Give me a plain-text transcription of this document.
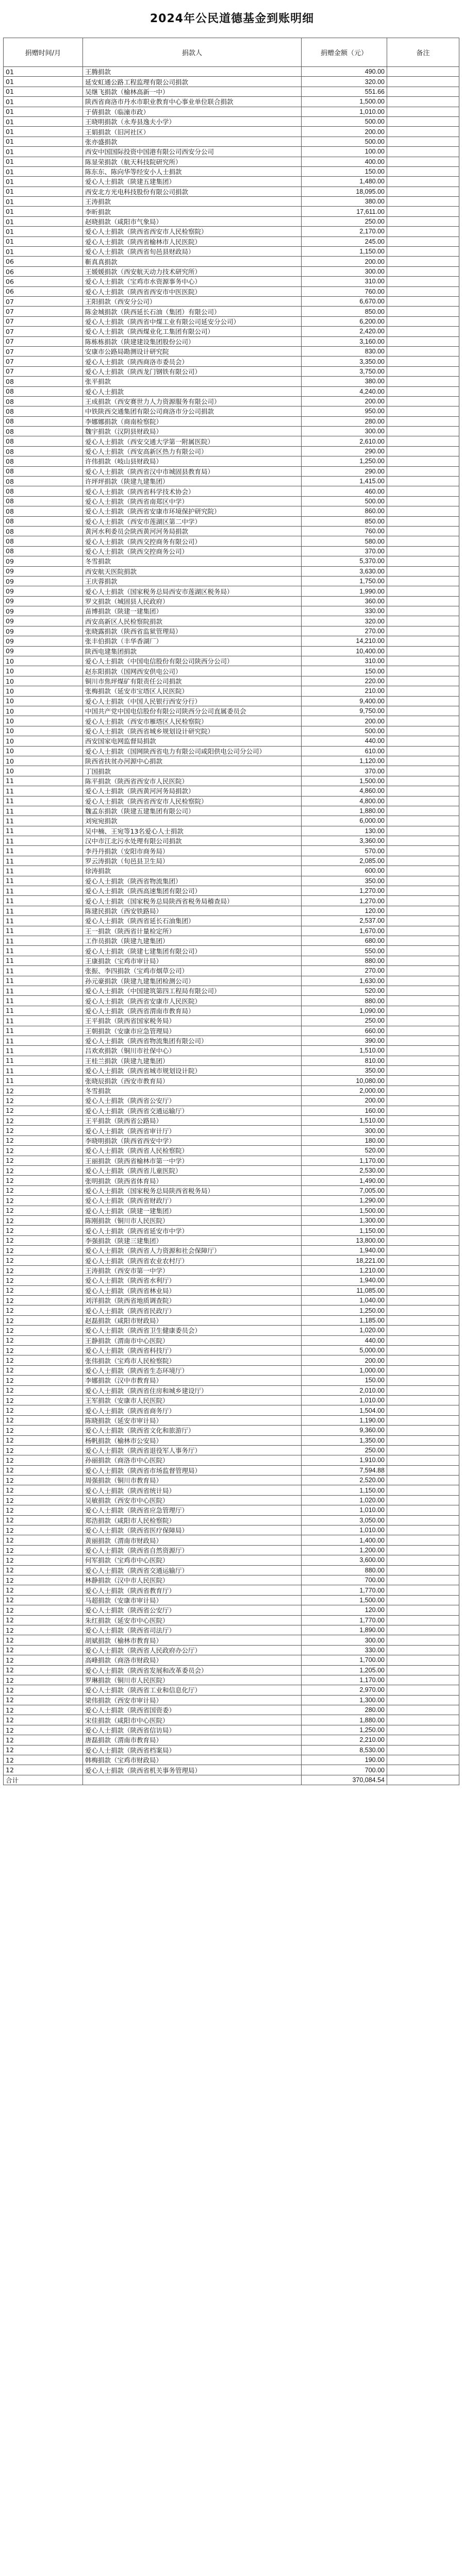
2024年公民道德基金到账明细
捐赠时间/月	捐款人	捐赠金额（元）	备注
01	王腾捐款	490.00	
01	延安虹通公路工程监理有限公司捐款	320.00	
01	吴继飞捐款（榆林高新一中）	551.66	
01	陕西省商洛市丹水市职业教育中心事业单位联合捐款	1,500.00	
01	于倩捐款（临潼市政）	1,010.00	
01	王晓明捐款（永寿县逸夫小学）	500.00	
01	王娟捐款（旧河社区）	200.00	
01	张亦盛捐款	500.00	
01	西安中国国际投资中国港有限公司西安分公司	100.00	
01	陈显荣捐款（航天科技院研究所）	400.00	
01	陈东东、陈向华等经安小人士捐款	150.00	
01	爱心人士捐款（陕建五建集团）	1,480.00	
01	西安北方光电科技股份有限公司捐款	18,095.00	
01	王涛捐款	380.00	
01	李昕捐款	17,611.00	
01	赵晓捐款（咸阳市气象局）	250.00	
01	爱心人士捐款（陕西省西安市人民检察院）	2,170.00	
01	爱心人士捐款（陕西省榆林市人民医院）	245.00	
01	爱心人士捐款（陕西省旬邑县财政局）	1,150.00	
06	靳真真捐款	200.00	
06	王媛媛捐款（西安航天动力技术研究所）	300.00	
06	爱心人士捐款（宝鸡市水资源事务中心）	310.00	
06	爱心人士捐款（陕西省西安市中医医院）	760.00	
07	王阳捐款（西安分公司）	6,670.00	
07	陈金城捐款（陕西延长石油（集团）有限公司）	850.00	
07	爱心人士捐款（陕西省中煤工业有限公司延安分公司）	6,200.00	
07	爱心人士捐款（陕西煤业化工集团有限公司）	2,420.00	
07	陈栋栋捐款（陕建建设集团股份公司）	3,160.00	
07	安康市公路局勘测设计研究院	830.00	
07	爱心人士捐款（陕西商洛市委员会）	3,350.00	
07	爱心人士捐款（陕西龙门钢铁有限公司）	3,750.00	
08	张平捐款	380.00	
08	爱心人士捐款	4,240.00	
08	王成捐款（西安赛世力人力资源服务有限公司）	200.00	
08	中铁陕西交通集团有限公司商洛市分公司捐款	950.00	
08	李娜娜捐款（商南检察院）	280.00	
08	魏宇捐款（汉阴县财政局）	300.00	
08	爱心人士捐款（西安交通大学第一附属医院）	2,610.00	
08	爱心人士捐款（西安高新区热力有限公司）	290.00	
08	许伟捐款（岐山县财政局）	1,250.00	
08	爱心人士捐款（陕西省汉中市城固县教育局）	290.00	
08	许坪坪捐款（陕建九建集团）	1,415.00	
08	爱心人士捐款（陕西省科学技术协会）	460.00	
08	爱心人士捐款（陕西省南郑区中学）	500.00	
08	爱心人士捐款（陕西省安康市环境保护研究院）	860.00	
08	爱心人士捐款（西安市莲湖区第二中学）	850.00	
08	黄河水利委员会陕西黄河河务局捐款	760.00	
08	爱心人士捐款（陕西交控商务有限公司）	580.00	
08	爱心人士捐款（陕西交控商务公司）	370.00	
09	冬雪捐款	5,370.00	
09	西安航天医院捐款	3,630.00	
09	王庆蓉捐款	1,750.00	
09	爱心人士捐款（国家税务总局西安市莲湖区税务局）	1,990.00	
09	罗文捐款（城固县人民政府）	360.00	
09	苗博捐款（陕建一建集团）	330.00	
09	西安高新区人民检察院捐款	320.00	
09	张晓露捐款（陕西省监狱管理局）	270.00	
09	张丰伯捐款（丰华香湖厂）	14,210.00	
09	陕西电建集团捐款	10,400.00	
10	爱心人士捐款（中国电信股份有限公司陕西分公司）	310.00	
10	赵东阳捐款（国网西安供电公司）	150.00	
10	铜川市焦坪煤矿有限责任公司捐款	220.00	
10	张梅捐款（延安市宝塔区人民医院）	210.00	
10	爱心人士捐款（中国人民银行西安分行）	9,400.00	
10	中国共产党中国电信股份有限公司陕西分公司直属委员会	9,750.00	
10	爱心人士捐款（西安市雁塔区人民检察院）	200.00	
10	爱心人士捐款（陕西省城乡规划设计研究院）	500.00	
10	西安国家电网监督局捐款	440.00	
10	爱心人士捐款（国网陕西省电力有限公司咸阳供电公司分公司）	610.00	
10	陕西省扶贫办河源中心捐款	1,120.00	
10	丁国捐款	370.00	
11	陈平捐款（陕西省西安市人民医院）	1,500.00	
11	爱心人士捐款（陕西黄河河务局捐款）	4,860.00	
11	爱心人士捐款（陕西省西安市人民检察院）	4,800.00	
11	魏孟东捐款（陕建五建集团有限公司）	1,880.00	
11	刘宛宛捐款	6,000.00	
11	吴中楠、王宛等13名爱心人士捐款	130.00	
11	汉中市江北污水处理有限公司捐款	3,360.00	
11	李丹丹捐款（安阳市商务局）	570.00	
11	罗云涛捐款（旬邑县卫生局）	2,085.00	
11	徐涛捐款	600.00	
11	爱心人士捐款（陕西省物流集团）	350.00	
11	爱心人士捐款（陕西高速集团有限公司）	1,270.00	
11	爱心人士捐款（国家税务总局陕西省税务局稽查局）	1,270.00	
11	陈建民捐款（西安铁路局）	120.00	
11	爱心人士捐款（陕西省延长石油集团）	2,537.00	
11	王一捐款（陕西省计量检定所）	1,670.00	
11	工作员捐款（陕建九建集团）	680.00	
11	爱心人士捐款（陕建七建集团有限公司）	550.00	
11	王康捐款（宝鸡市审计局）	880.00	
11	张振、李四捐款（宝鸡市烟草公司）	270.00	
11	孙元豪捐款（陕建九建集团检测公司）	1,630.00	
11	爱心人士捐款（中国建筑第四工程局有限公司）	520.00	
11	爱心人士捐款（陕西省安康市人民医院）	880.00	
11	爱心人士捐款（陕西省渭南市教育局）	1,090.00	
11	王平捐款（陕西省国家税务局）	250.00	
11	王朝捐款（安康市应急管理局）	660.00	
11	爱心人士捐款（陕西省物流集团有限公司）	390.00	
11	吕欢欢捐款（铜川市社保中心）	1,510.00	
11	王桂兰捐款（陕建九建集团）	810.00	
11	爱心人士捐款（陕西省城市规划设计院）	350.00	
11	张晓辰捐款（西安市教育局）	10,080.00	
12	冬雪捐款	2,000.00	
12	爱心人士捐款（陕西省公安厅）	200.00	
12	爱心人士捐款（陕西省交通运输厅）	160.00	
12	王平捐款（陕西省公路局）	1,510.00	
12	爱心人士捐款（陕西省审计厅）	300.00	
12	李晓明捐款（陕西省西安中学）	180.00	
12	爱心人士捐款（陕西省人民检察院）	520.00	
12	王丽捐款（陕西省榆林市第一中学）	1,170.00	
12	爱心人士捐款（陕西省儿童医院）	2,530.00	
12	张明捐款（陕西省体育局）	1,490.00	
12	爱心人士捐款（国家税务总局陕西省税务局）	7,005.00	
12	爱心人士捐款（陕西省财政厅）	1,290.00	
12	爱心人士捐款（陕建一建集团）	1,500.00	
12	陈刚捐款（铜川市人民医院）	1,300.00	
12	爱心人士捐款（陕西省延安市中学）	1,150.00	
12	李强捐款（陕建三建集团）	13,800.00	
12	爱心人士捐款（陕西省人力资源和社会保障厅）	1,940.00	
12	爱心人士捐款（陕西省农业农村厅）	18,221.00	
12	王涛捐款（西安市第一中学）	1,210.00	
12	爱心人士捐款（陕西省水利厅）	1,940.00	
12	爱心人士捐款（陕西省林业局）	11,085.00	
12	刘洋捐款（陕西省地质调查院）	1,040.00	
12	爱心人士捐款（陕西省民政厅）	1,250.00	
12	赵磊捐款（咸阳市财政局）	1,185.00	
12	爱心人士捐款（陕西省卫生健康委员会）	1,020.00	
12	王静捐款（渭南市中心医院）	440.00	
12	爱心人士捐款（陕西省科技厅）	5,000.00	
12	张伟捐款（宝鸡市人民检察院）	200.00	
12	爱心人士捐款（陕西省生态环境厅）	1,000.00	
12	李娜捐款（汉中市教育局）	150.00	
12	爱心人士捐款（陕西省住房和城乡建设厅）	2,010.00	
12	王军捐款（安康市人民医院）	1,010.00	
12	爱心人士捐款（陕西省商务厅）	1,504.00	
12	陈晓捐款（延安市审计局）	1,190.00	
12	爱心人士捐款（陕西省文化和旅游厅）	9,360.00	
12	杨帆捐款（榆林市公安局）	1,350.00	
12	爱心人士捐款（陕西省退役军人事务厅）	250.00	
12	孙丽捐款（商洛市中心医院）	1,910.00	
12	爱心人士捐款（陕西省市场监督管理局）	7,594.88	
12	周强捐款（铜川市教育局）	2,520.00	
12	爱心人士捐款（陕西省统计局）	1,150.00	
12	吴敏捐款（西安市中心医院）	1,020.00	
12	爱心人士捐款（陕西省应急管理厅）	1,010.00	
12	郑浩捐款（咸阳市人民检察院）	3,050.00	
12	爱心人士捐款（陕西省医疗保障局）	1,010.00	
12	黄丽捐款（渭南市财政局）	1,400.00	
12	爱心人士捐款（陕西省自然资源厅）	1,200.00	
12	何军捐款（宝鸡市中心医院）	3,600.00	
12	爱心人士捐款（陕西省交通运输厅）	880.00	
12	林静捐款（汉中市人民医院）	700.00	
12	爱心人士捐款（陕西省教育厅）	1,770.00	
12	马超捐款（安康市审计局）	1,500.00	
12	爱心人士捐款（陕西省公安厅）	120.00	
12	朱红捐款（延安市中心医院）	1,770.00	
12	爱心人士捐款（陕西省司法厅）	1,890.00	
12	胡斌捐款（榆林市教育局）	300.00	
12	爱心人士捐款（陕西省人民政府办公厅）	330.00	
12	高峰捐款（商洛市财政局）	1,700.00	
12	爱心人士捐款（陕西省发展和改革委员会）	1,205.00	
12	罗琳捐款（铜川市人民医院）	1,170.00	
12	爱心人士捐款（陕西省工业和信息化厅）	2,970.00	
12	梁伟捐款（西安市审计局）	1,300.00	
12	爱心人士捐款（陕西省国资委）	280.00	
12	宋佳捐款（咸阳市中心医院）	1,880.00	
12	爱心人士捐款（陕西省信访局）	1,250.00	
12	唐磊捐款（渭南市教育局）	2,210.00	
12	爱心人士捐款（陕西省档案局）	8,530.00	
12	韩梅捐款（宝鸡市财政局）	190.00	
12	爱心人士捐款（陕西省机关事务管理局）	700.00	
合计		370,084.54	
